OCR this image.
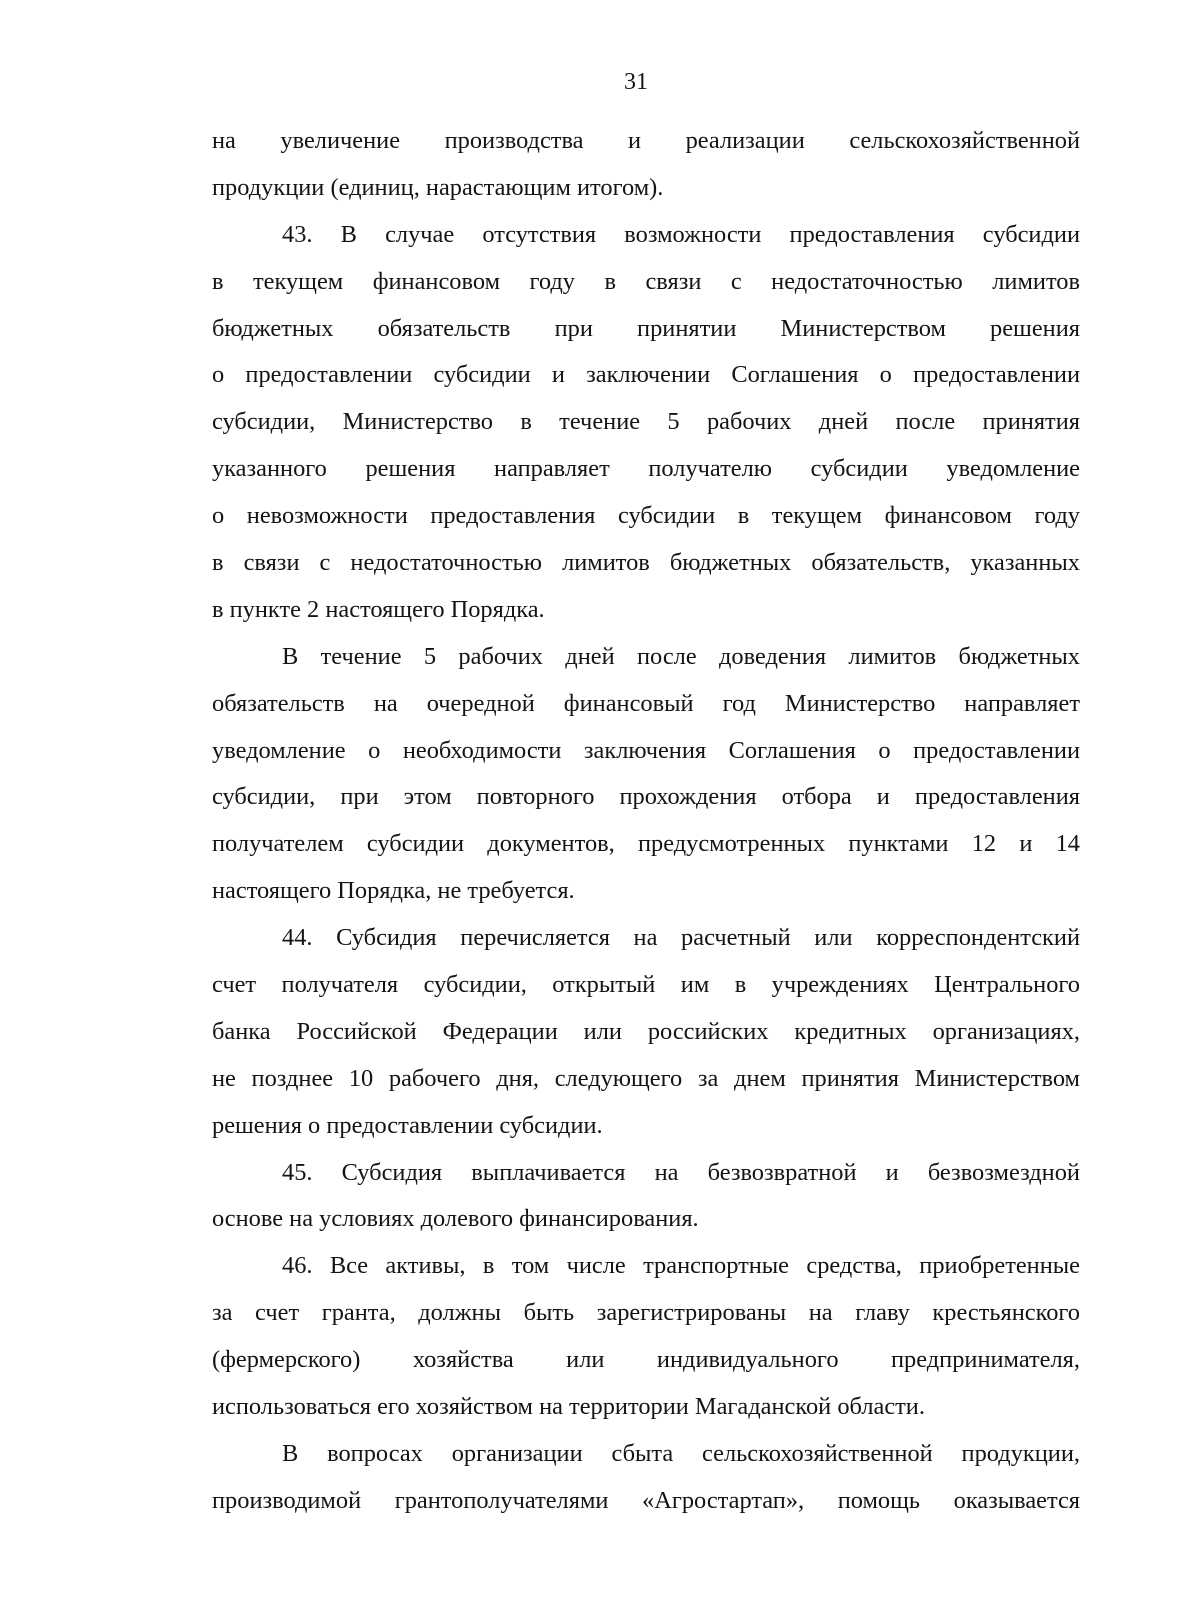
31
на увеличение производства и реализации сельскохозяйственной
продукции (единиц, нарастающим итогом).
43. В случае отсутствия возможности предоставления субсидии
в текущем финансовом году в связи с недостаточностью лимитов
бюджетных обязательств при принятии Министерством решения
о предоставлении субсидии и заключении Соглашения о предоставлении
субсидии, Министерство в течение 5 рабочих дней после принятия
указанного решения направляет получателю субсидии уведомление
о невозможности предоставления субсидии в текущем финансовом году
в связи с недостаточностью лимитов бюджетных обязательств, указанных
в пункте 2 настоящего Порядка.
В течение 5 рабочих дней после доведения лимитов бюджетных
обязательств на очередной финансовый год Министерство направляет
уведомление о необходимости заключения Соглашения о предоставлении
субсидии, при этом повторного прохождения отбора и предоставления
получателем субсидии документов, предусмотренных пунктами 12 и 14
настоящего Порядка, не требуется.
44. Субсидия перечисляется на расчетный или корреспондентский
счет получателя субсидии, открытый им в учреждениях Центрального
банка Российской Федерации или российских кредитных организациях,
не позднее 10 рабочего дня, следующего за днем принятия Министерством
решения о предоставлении субсидии.
45. Субсидия выплачивается на безвозвратной и безвозмездной
основе на условиях долевого финансирования.
46. Все активы, в том числе транспортные средства, приобретенные
за счет гранта, должны быть зарегистрированы на главу крестьянского
(фермерского) хозяйства или индивидуального предпринимателя,
использоваться его хозяйством на территории Магаданской области.
В вопросах организации сбыта сельскохозяйственной продукции,
производимой грантополучателями «Агростартап», помощь оказывается
